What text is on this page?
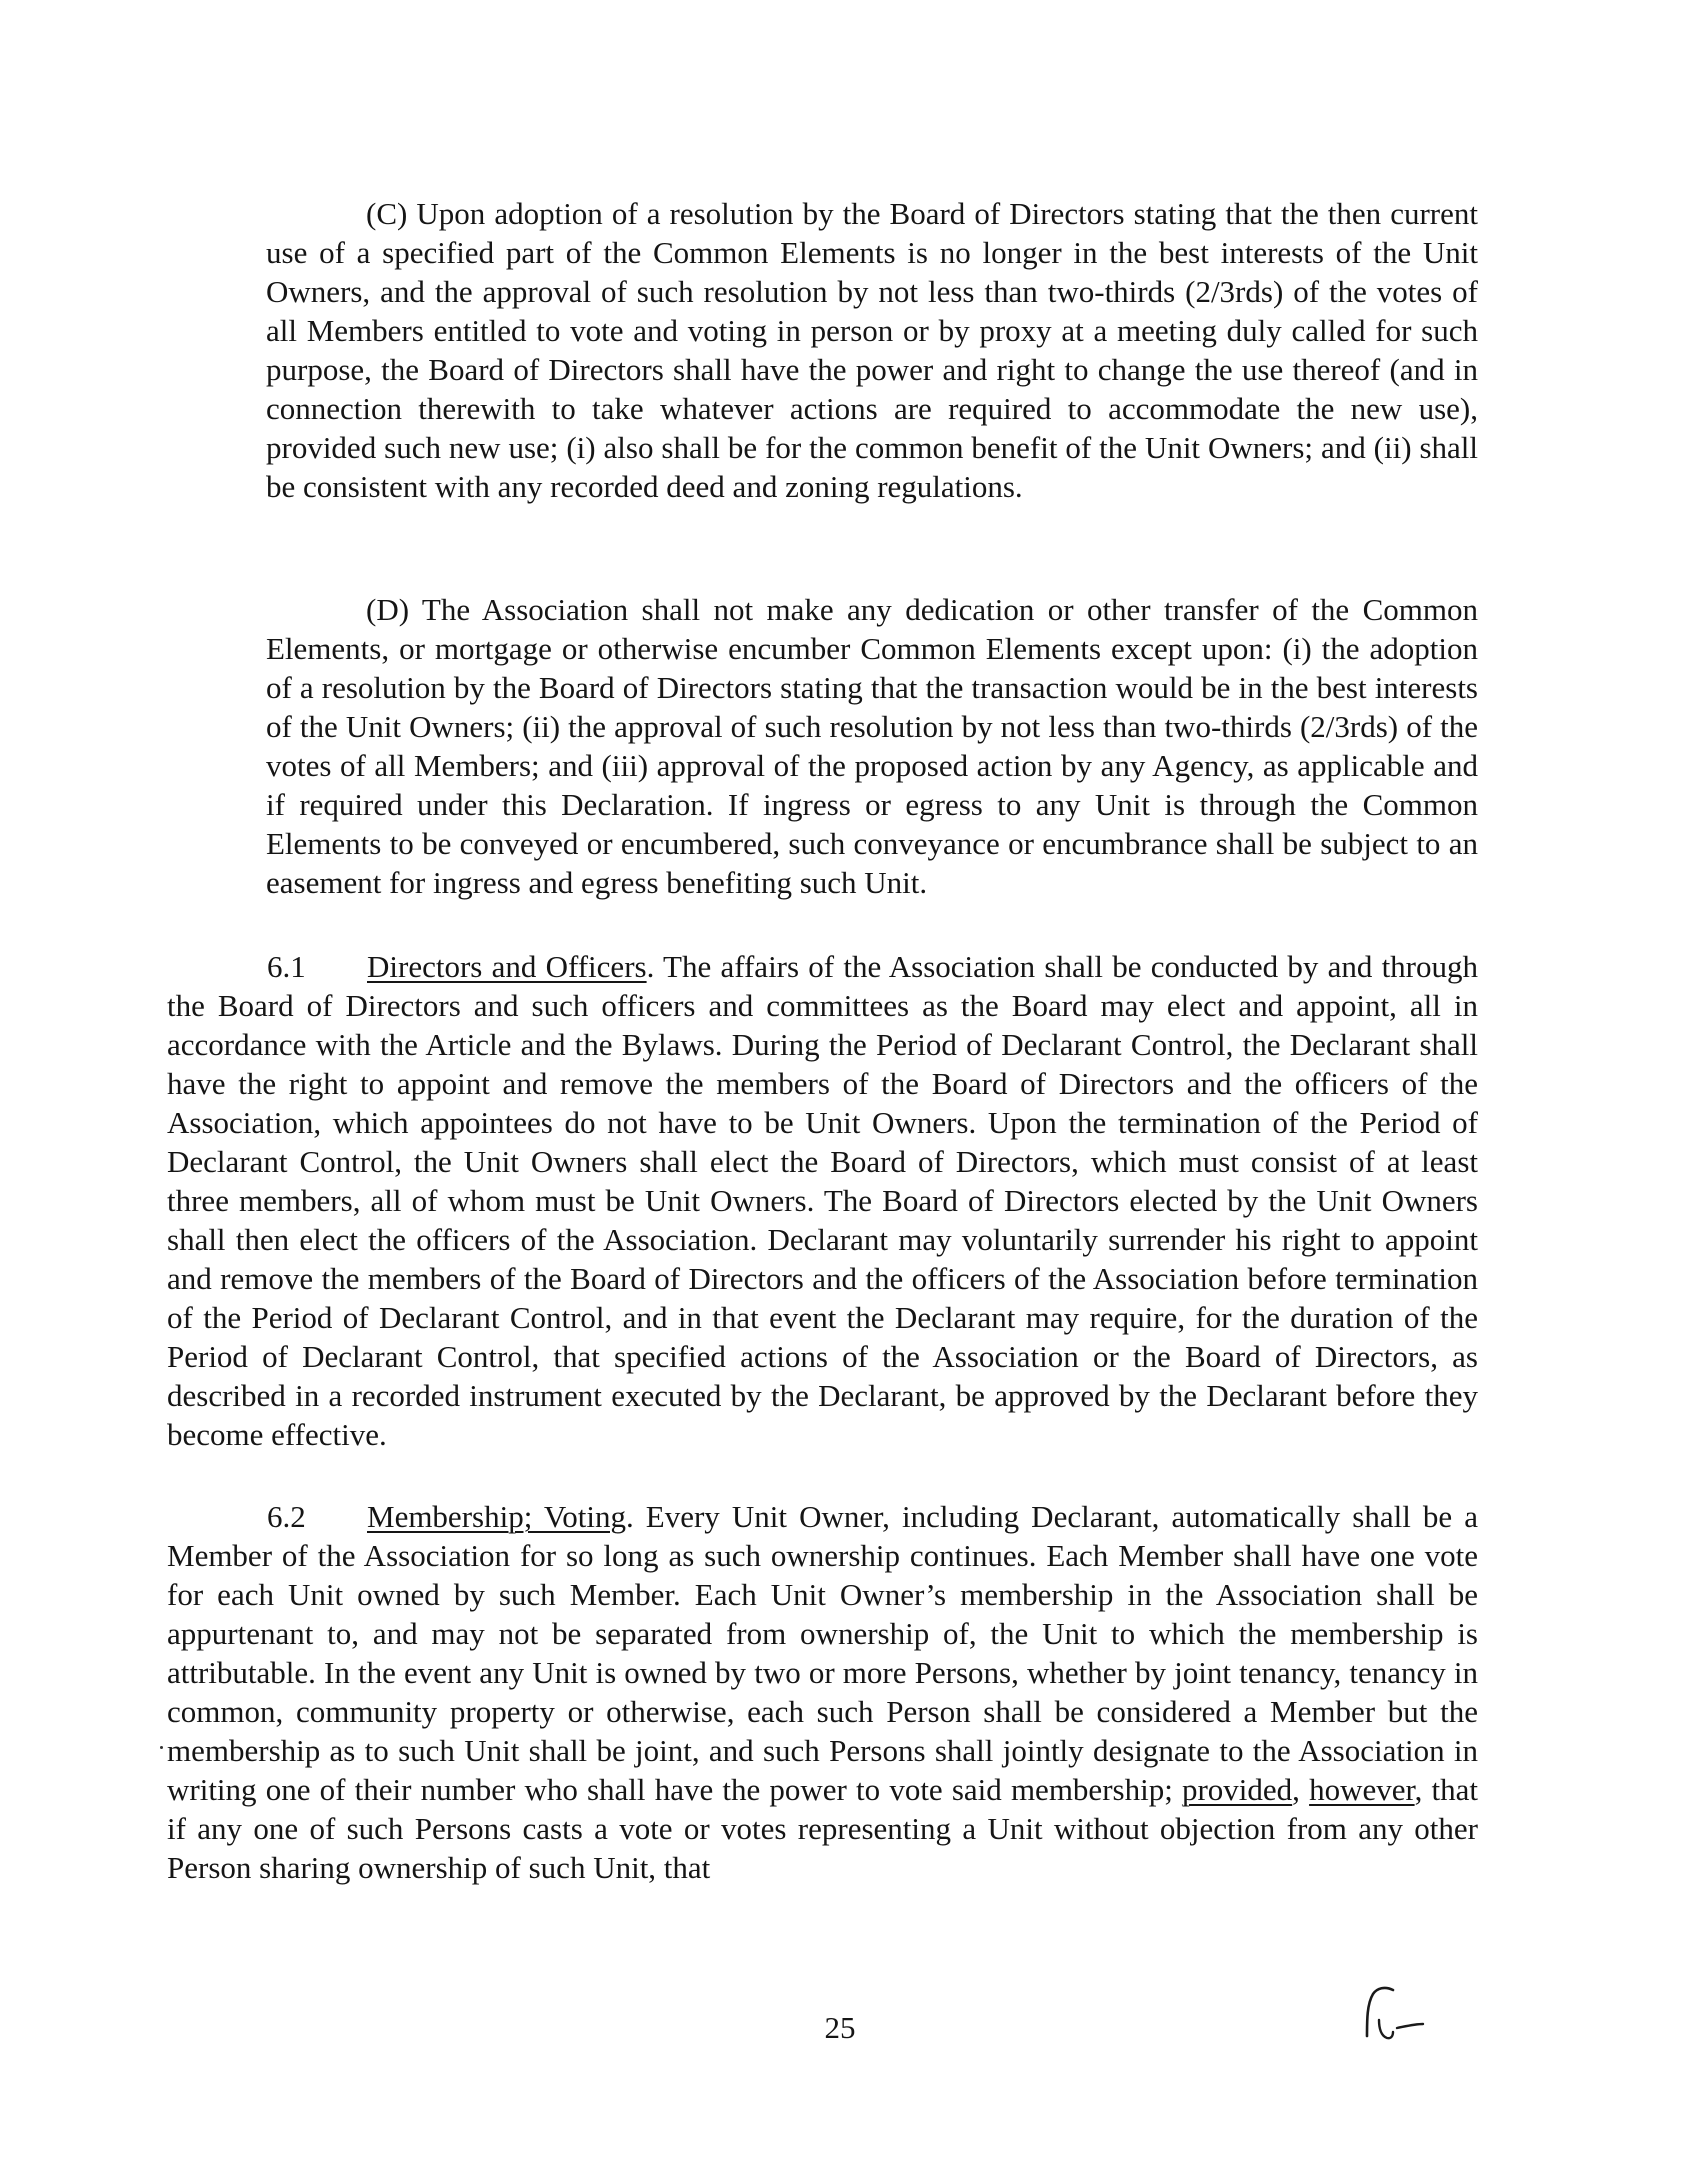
(C) Upon adoption of a resolution by the Board of Directors stating that the then current use of a specified part of the Common Elements is no longer in the best interests of the Unit Owners, and the approval of such resolution by not less than two-thirds (2/3rds) of the votes of all Members entitled to vote and voting in person or by proxy at a meeting duly called for such purpose, the Board of Directors shall have the power and right to change the use thereof (and in connection therewith to take whatever actions are required to accommodate the new use), provided such new use; (i) also shall be for the common benefit of the Unit Owners; and (ii) shall be consistent with any recorded deed and zoning regulations.

(D) The Association shall not make any dedication or other transfer of the Common Elements, or mortgage or otherwise encumber Common Elements except upon: (i) the adoption of a resolution by the Board of Directors stating that the transaction would be in the best interests of the Unit Owners; (ii) the approval of such resolution by not less than two-thirds (2/3rds) of the votes of all Members; and (iii) approval of the proposed action by any Agency, as applicable and if required under this Declaration. If ingress or egress to any Unit is through the Common Elements to be conveyed or encumbered, such conveyance or encumbrance shall be subject to an easement for ingress and egress benefiting such Unit.

6.1 Directors and Officers. The affairs of the Association shall be conducted by and through the Board of Directors and such officers and committees as the Board may elect and appoint, all in accordance with the Article and the Bylaws. During the Period of Declarant Control, the Declarant shall have the right to appoint and remove the members of the Board of Directors and the officers of the Association, which appointees do not have to be Unit Owners. Upon the termination of the Period of Declarant Control, the Unit Owners shall elect the Board of Directors, which must consist of at least three members, all of whom must be Unit Owners. The Board of Directors elected by the Unit Owners shall then elect the officers of the Association. Declarant may voluntarily surrender his right to appoint and remove the members of the Board of Directors and the officers of the Association before termination of the Period of Declarant Control, and in that event the Declarant may require, for the duration of the Period of Declarant Control, that specified actions of the Association or the Board of Directors, as described in a recorded instrument executed by the Declarant, be approved by the Declarant before they become effective.

6.2 Membership; Voting. Every Unit Owner, including Declarant, automatically shall be a Member of the Association for so long as such ownership continues. Each Member shall have one vote for each Unit owned by such Member. Each Unit Owner’s membership in the Association shall be appurtenant to, and may not be separated from ownership of, the Unit to which the membership is attributable. In the event any Unit is owned by two or more Persons, whether by joint tenancy, tenancy in common, community property or otherwise, each such Person shall be considered a Member but the membership as to such Unit shall be joint, and such Persons shall jointly designate to the Association in writing one of their number who shall have the power to vote said membership; provided, however, that if any one of such Persons casts a vote or votes representing a Unit without objection from any other Person sharing ownership of such Unit, that

25
